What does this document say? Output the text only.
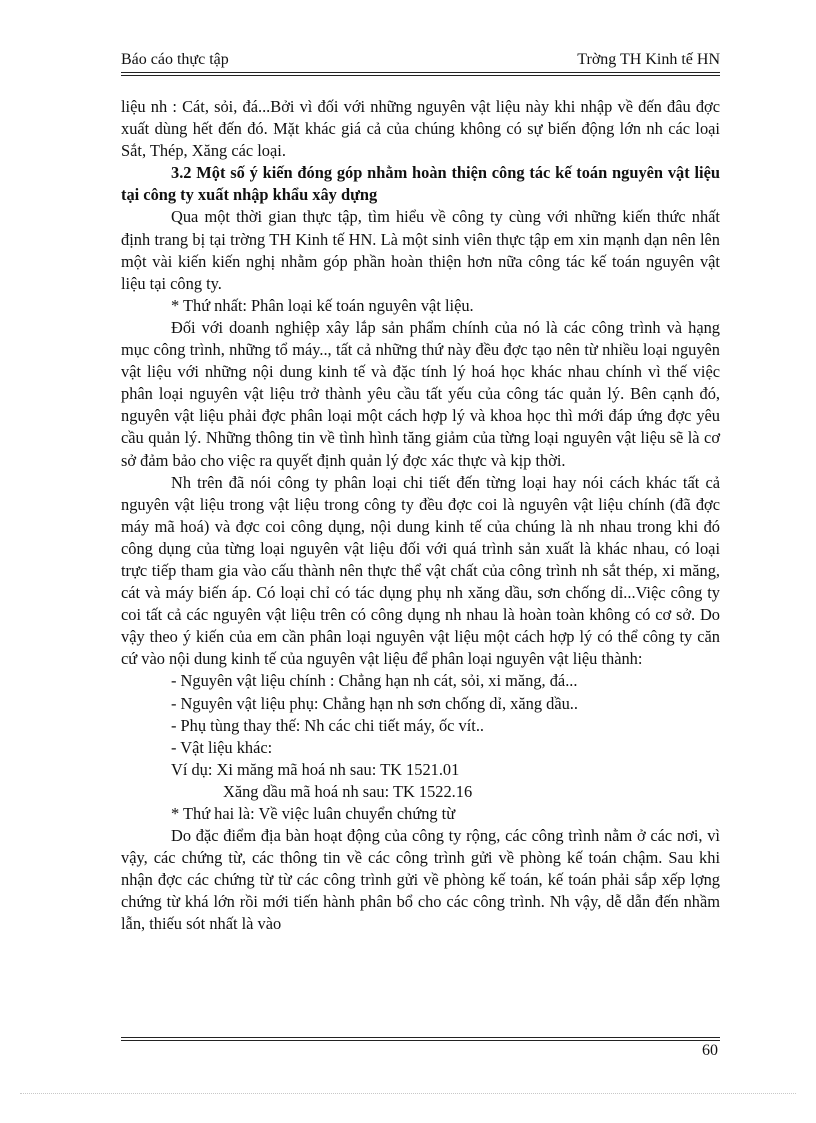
Báo cáo thực tập	Trờng TH Kinh tế HN

liệu nh : Cát, sỏi, đá...Bởi vì đối với những nguyên vật liệu này khi nhập về đến đâu đợc xuất dùng hết đến đó. Mặt khác giá cả của chúng không có sự biến động lớn nh các loại Sắt, Thép, Xăng các loại.

3.2 Một số ý kiến đóng góp nhằm hoàn thiện công tác kế toán nguyên vật liệu tại công ty xuất nhập khẩu xây dựng

Qua một thời gian thực tập, tìm hiểu về công ty cùng với những kiến thức nhất định trang bị tại trờng TH Kinh tế HN. Là một sinh viên thực tập em xin mạnh dạn nên lên một vài kiến kiến nghị nhằm góp phần hoàn thiện hơn nữa công tác kế toán nguyên vật liệu tại công ty.

* Thứ nhất: Phân loại kế toán nguyên vật liệu.

Đối với doanh nghiệp xây lắp sản phẩm chính của nó là các công trình và hạng mục công trình, những tổ máy.., tất cả những thứ này đều đợc tạo nên từ nhiều loại nguyên vật liệu với những nội dung kinh tế và đặc tính lý hoá học khác nhau chính vì thế việc phân loại nguyên vật liệu trở thành yêu cầu tất yếu của công tác quản lý. Bên cạnh đó, nguyên vật liệu phải đợc phân loại một cách hợp lý và khoa học thì mới đáp ứng đợc yêu cầu quản lý. Những thông tin về tình hình tăng giảm của từng loại nguyên vật liệu sẽ là cơ sở đảm bảo cho việc ra quyết định quản lý đợc xác thực và kịp thời.

Nh trên đã nói công ty phân loại chi tiết đến từng loại hay nói cách khác tất cả nguyên vật liệu trong vật liệu trong công ty đều đợc coi là nguyên vật liệu chính (đã đợc máy mã hoá) và đợc coi công dụng, nội dung kinh tế của chúng là nh nhau trong khi đó công dụng của từng loại nguyên vật liệu đối với quá trình sản xuất là khác nhau, có loại trực tiếp tham gia vào cấu thành nên thực thể vật chất của công trình nh sắt thép, xi măng, cát và máy biến áp. Có loại chỉ có tác dụng phụ nh xăng dầu, sơn chống dỉ...Việc công ty coi tất cả các nguyên vật liệu trên có công dụng nh nhau là hoàn toàn không có cơ sở. Do vậy theo ý kiến của em cần phân loại nguyên vật liệu một cách hợp lý có thể công ty căn cứ vào nội dung kinh tế của nguyên vật liệu để phân loại nguyên vật liệu thành:

- Nguyên vật liệu chính : Chẳng hạn nh cát, sỏi, xi măng, đá...

- Nguyên vật liệu phụ: Chẳng hạn nh sơn chống dỉ, xăng dầu..

- Phụ tùng thay thế: Nh các chi tiết máy, ốc vít..

- Vật liệu khác:

Ví dụ: Xi măng mã hoá nh sau: TK 1521.01

Xăng dầu mã hoá nh sau: TK 1522.16

* Thứ hai là: Về việc luân chuyển chứng từ

Do đặc điểm địa bàn hoạt động của công ty rộng, các công trình nằm ở các nơi, vì vậy, các chứng từ, các thông tin về các công trình gửi về phòng kế toán chậm. Sau khi nhận đợc các chứng từ từ các công trình gửi về phòng kế toán, kế toán phải sắp xếp lợng chứng từ khá lớn rồi mới tiến hành phân bổ cho các công trình. Nh vậy, dễ dẫn đến nhầm lẫn, thiếu sót nhất là vào

60
